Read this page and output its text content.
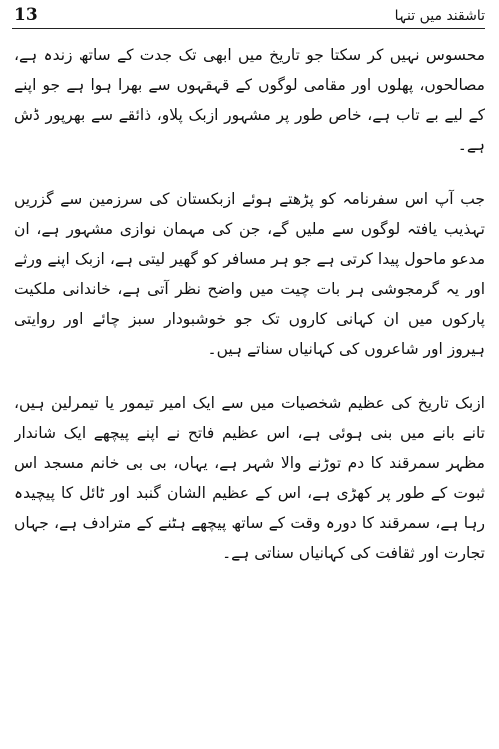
13	تاشقند میں تنہا
محسوس نہیں کر سکتا جو تاریخ میں ابھی تک جدت کے ساتھ زندہ ہے،
مصالحوں، پھلوں اور مقامی لوگوں کے قہقہوں سے بھرا ہوا ہے جو اپنے
کے لیے بے تاب ہے، خاص طور پر مشہور ازبک پلاو، ذائقے سے بھرپور ڈش
ہے۔
جب آپ اس سفرنامہ کو پڑھتے ہوئے ازبکستان کی سرزمین سے گزریں
تہذیب یافتہ لوگوں سے ملیں گے، جن کی مہمان نوازی مشہور ہے، ان
مدعو ماحول پیدا کرتی ہے جو ہر مسافر کو گھیر لیتی ہے، ازبک اپنے ورثے
اور یہ گرمجوشی ہر بات چیت میں واضح نظر آتی ہے، خاندانی ملکیت
پارکوں میں ان کہانی کاروں تک جو خوشبودار سبز چائے اور روایتی
ہیروز اور شاعروں کی کہانیاں سناتے ہیں۔
ازبک تاریخ کی عظیم شخصیات میں سے ایک امیر تیمور یا تیمرلین ہیں،
تانے بانے میں بنی ہوئی ہے، اس عظیم فاتح نے اپنے پیچھے ایک شاندار
مظہر سمرقند کا دم توڑنے والا شہر ہے، یہاں، بی بی خانم مسجد اس
ثبوت کے طور پر کھڑی ہے، اس کے عظیم الشان گنبد اور ٹائل کا پیچیدہ
رہا ہے، سمرقند کا دورہ وقت کے ساتھ پیچھے ہٹنے کے مترادف ہے، جہاں
تجارت اور ثقافت کی کہانیاں سناتی ہے۔
